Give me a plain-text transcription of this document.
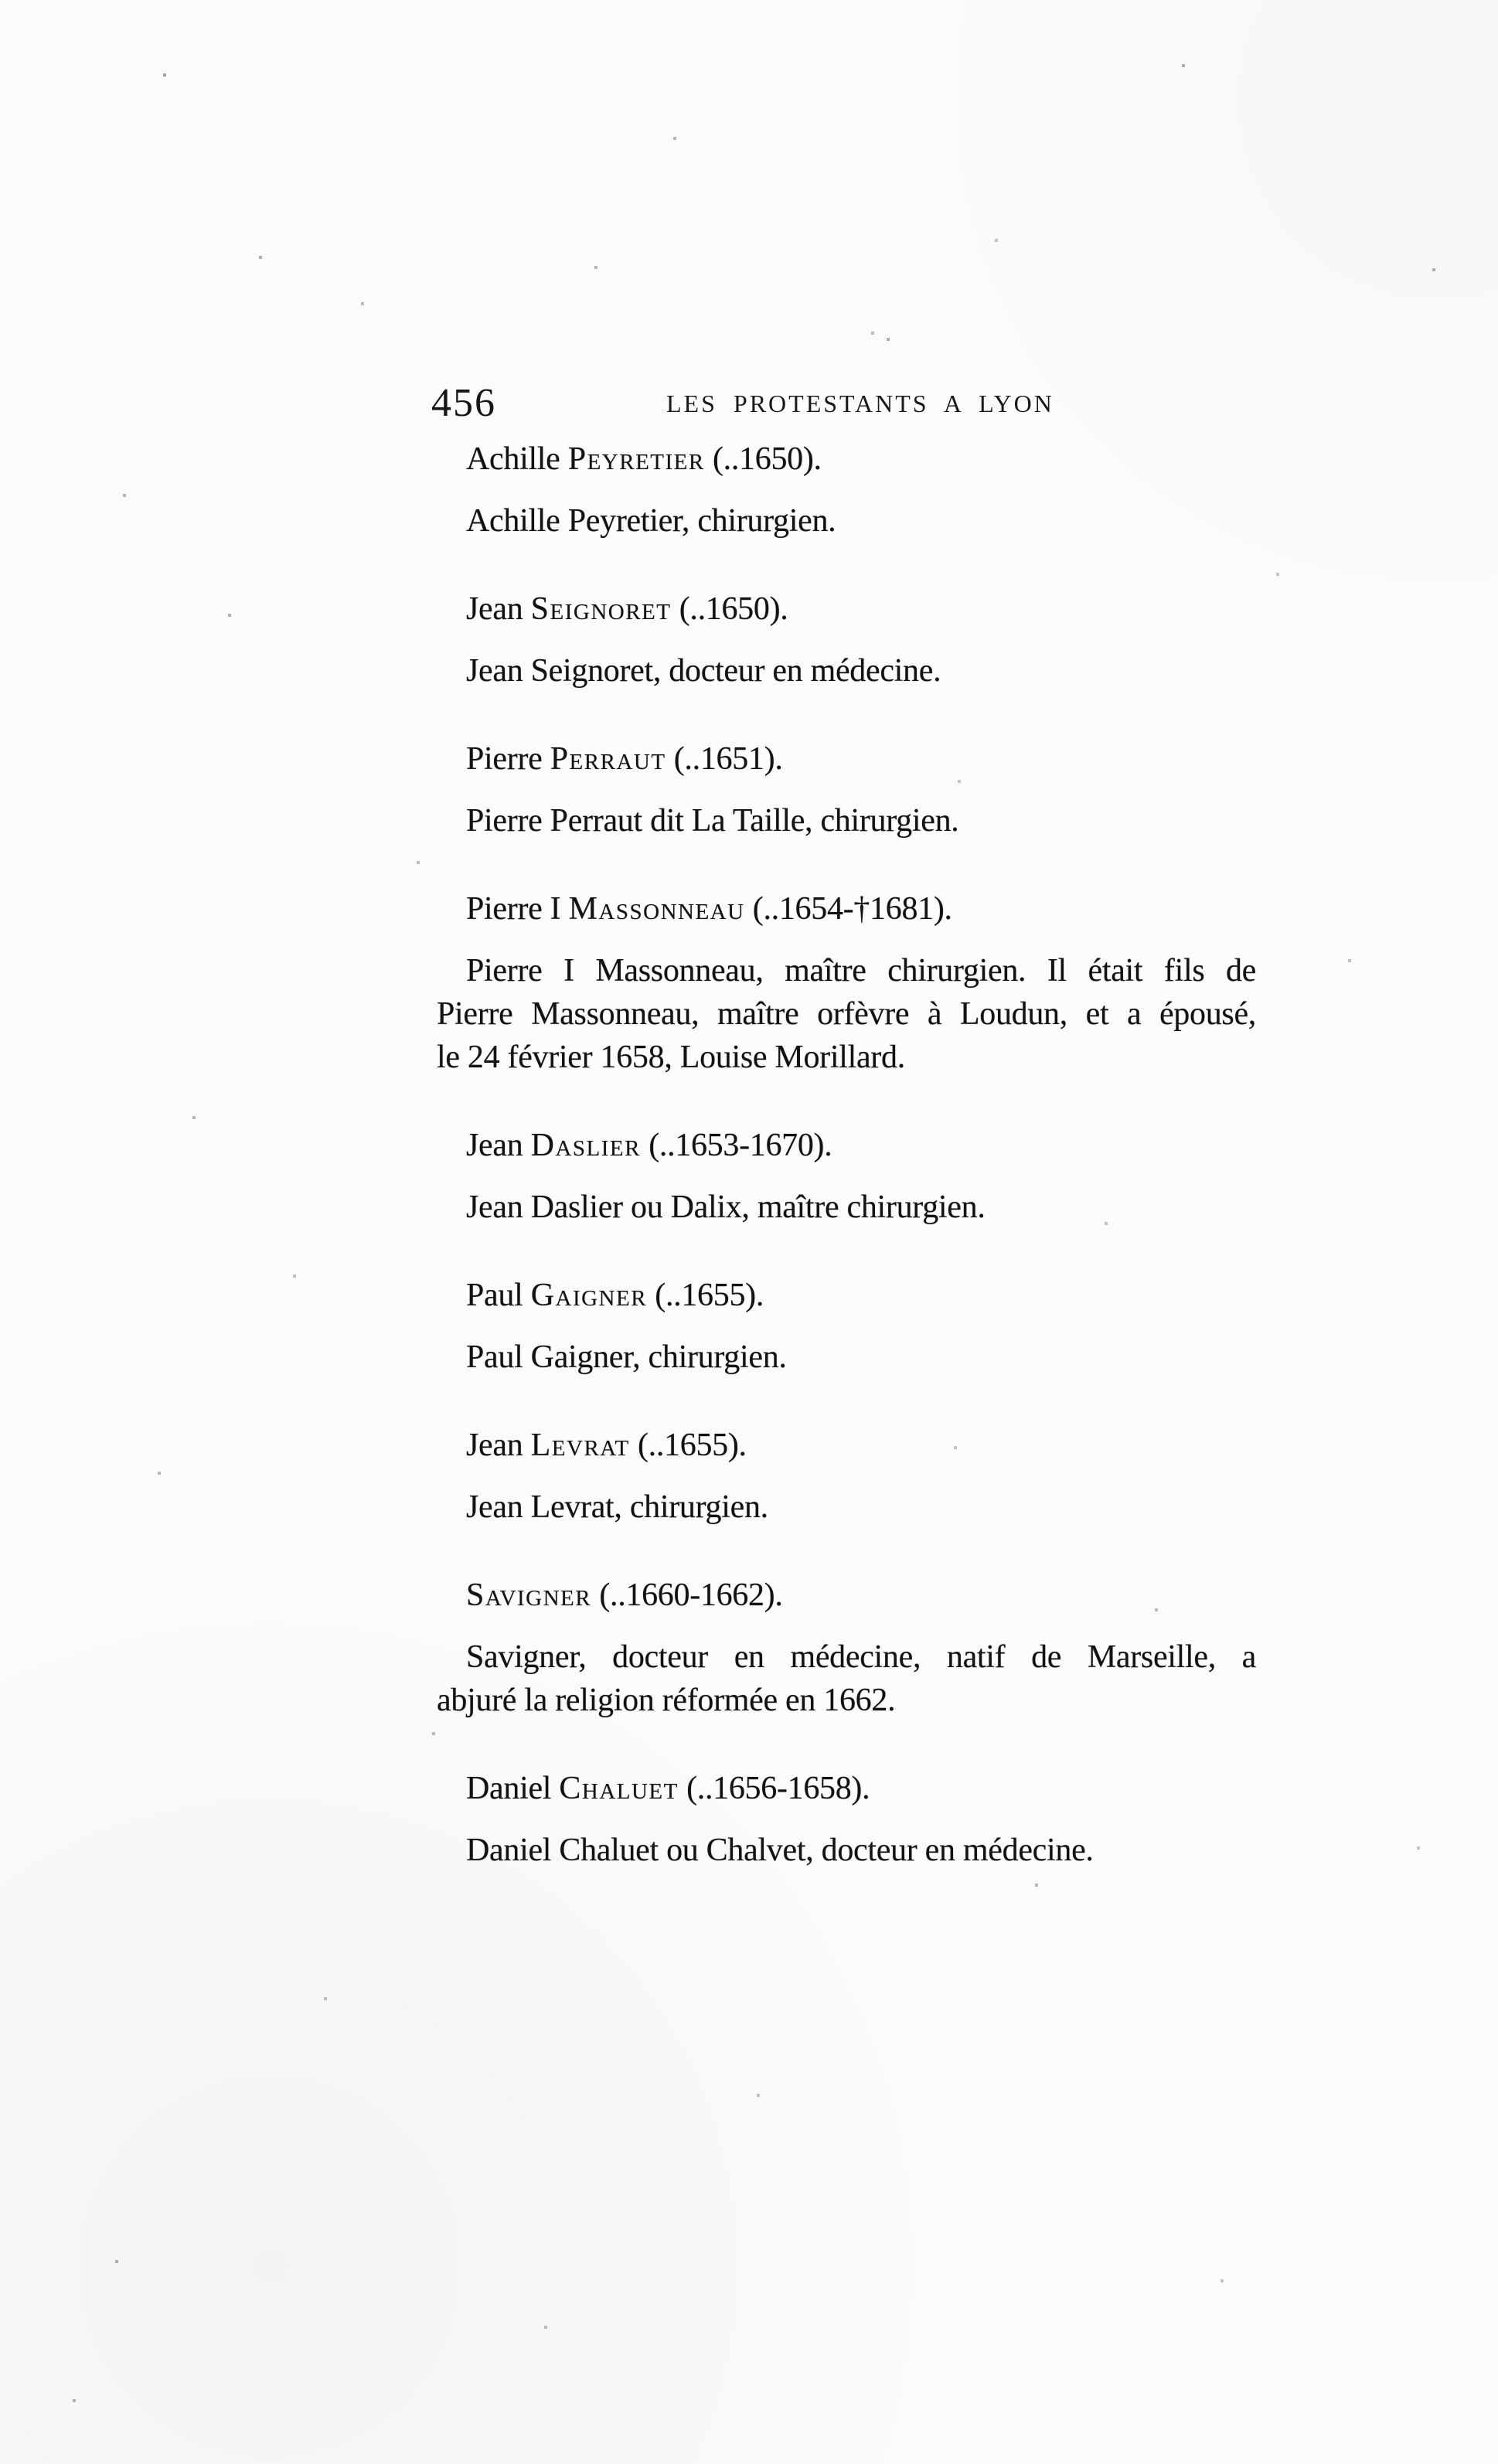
456	LES PROTESTANTS A LYON
Achille Peyretier (..1650).
Achille Peyretier, chirurgien.
Jean Seignoret (..1650).
Jean Seignoret, docteur en médecine.
Pierre Perraut (..1651).
Pierre Perraut dit La Taille, chirurgien.
Pierre I Massonneau (..1654-†1681).
Pierre I Massonneau, maître chirurgien. Il était fils de
Pierre Massonneau, maître orfèvre à Loudun, et a épousé,
le 24 février 1658, Louise Morillard.
Jean Daslier (..1653-1670).
Jean Daslier ou Dalix, maître chirurgien.
Paul Gaigner (..1655).
Paul Gaigner, chirurgien.
Jean Levrat (..1655).
Jean Levrat, chirurgien.
Savigner (..1660-1662).
Savigner, docteur en médecine, natif de Marseille, a
abjuré la religion réformée en 1662.
Daniel Chaluet (..1656-1658).
Daniel Chaluet ou Chalvet, docteur en médecine.
